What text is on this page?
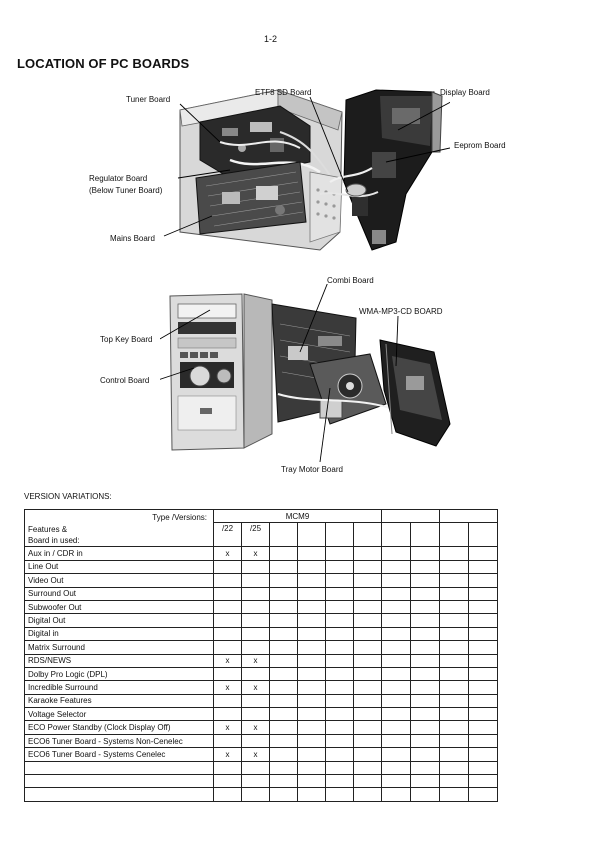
1-2
LOCATION OF PC BOARDS
Tuner Board
ETF8 SD Board	Display Board
Eeprom Board
Regulator Board
(Below Tuner Board)
Mains Board
Combi Board
WMA-MP3-CD BOARD
Top Key Board
Control Board
Tray Motor Board
VERSION VARIATIONS:
Type /Versions:
Features &
Board in used:	MCM9									
	/22	/25								
Aux in / CDR in	x	x								
Line Out										
Video Out										
Surround Out										
Subwoofer Out										
Digital Out										
Digital in										
Matrix Surround										
RDS/NEWS	x	x								
Dolby Pro Logic (DPL)										
Incredible Surround	x	x								
Karaoke Features										
Voltage Selector										
ECO Power Standby (Clock Display Off)	x	x								
ECO6 Tuner Board - Systems Non-Cenelec										
ECO6 Tuner Board - Systems Cenelec	x	x								
